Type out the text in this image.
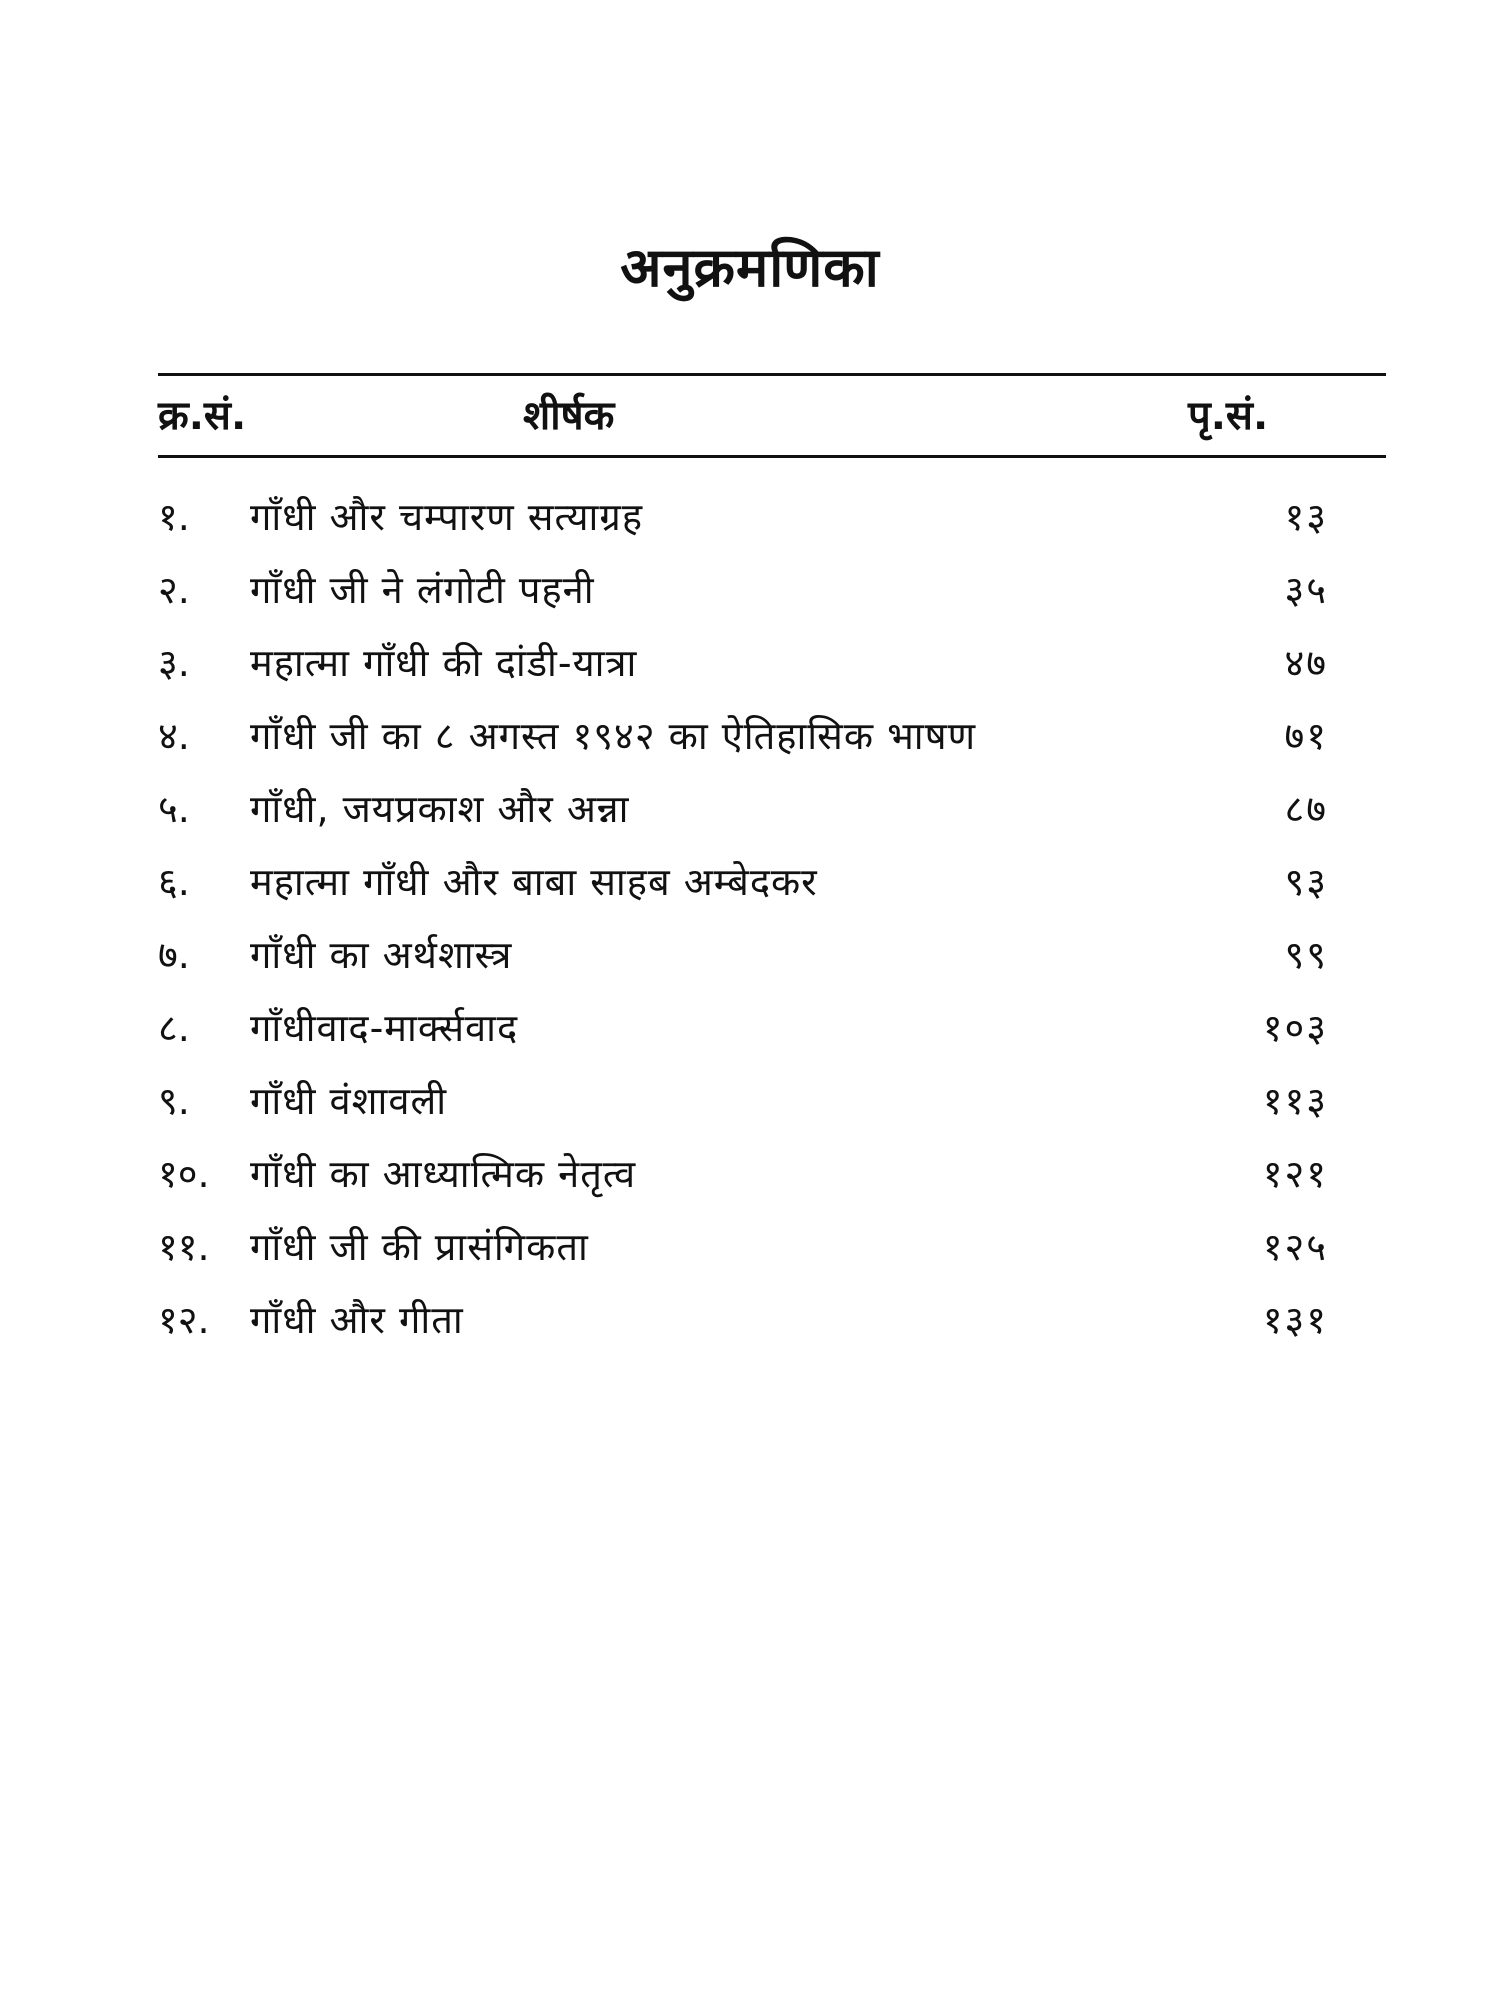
अनुक्रमणिका
क्र.सं.	शीर्षक	पृ.सं.
१.	गाँधी और चम्पारण सत्याग्रह	१३
२.	गाँधी जी ने लंगोटी पहनी	३५
३.	महात्मा गाँधी की दांडी-यात्रा	४७
४.	गाँधी जी का ८ अगस्त १९४२ का ऐतिहासिक भाषण	७१
५.	गाँधी, जयप्रकाश और अन्ना	८७
६.	महात्मा गाँधी और बाबा साहब अम्बेदकर	९३
७.	गाँधी का अर्थशास्त्र	९९
८.	गाँधीवाद-मार्क्सवाद	१०३
९.	गाँधी वंशावली	११३
१०.	गाँधी का आध्यात्मिक नेतृत्व	१२१
११.	गाँधी जी की प्रासंगिकता	१२५
१२.	गाँधी और गीता	१३१
